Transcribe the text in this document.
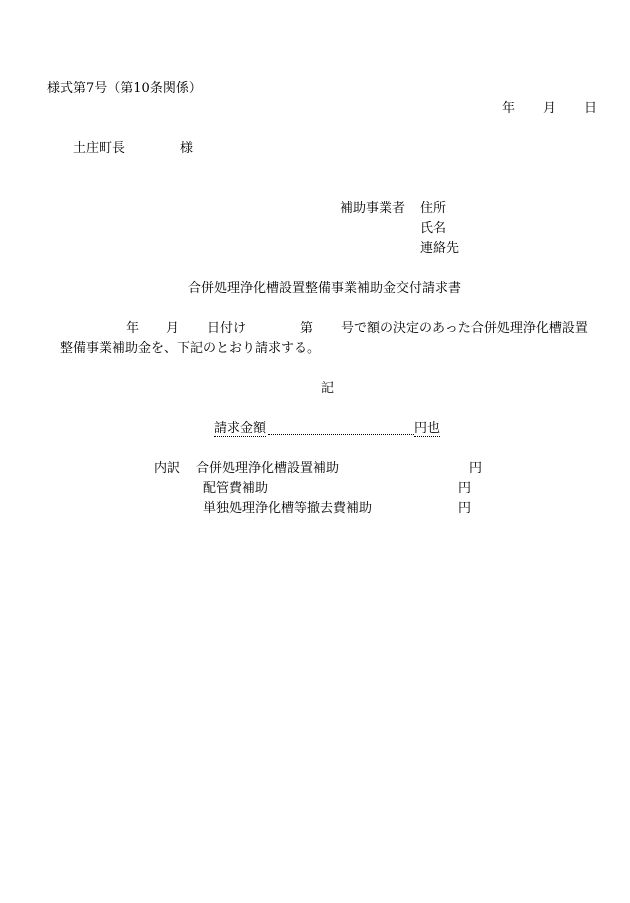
様式第7号（第10条関係）
年 月 日
土庄町長	様
補助事業者 住所
氏名
連絡先
合併処理浄化槽設置整備事業補助金交付請求書
年 月 日付け	第 号で額の決定のあった合併処理浄化槽設置
整備事業補助金を、下記のとおり請求する。
記
請求金額	円也
内訳 合併処理浄化槽設置補助	円
配管費補助	円
単独処理浄化槽等撤去費補助	円
